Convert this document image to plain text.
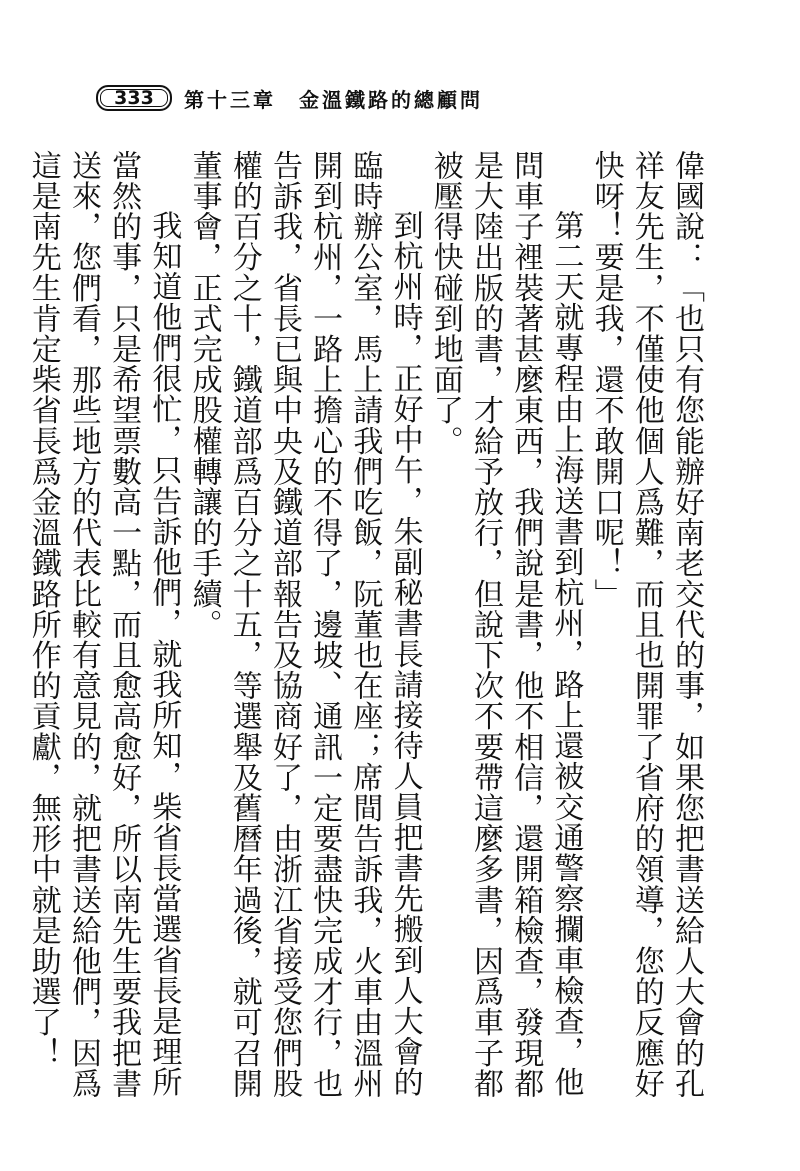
333	第十三章　金溫鐵路的總顧問

偉國說：「也只有您能辦好南老交代的事，如果您把書送給人大會的孔祥友先生，不僅使他個人爲難，而且也開罪了省府的領導，您的反應好快呀！要是我，還不敢開口呢！」

第二天就專程由上海送書到杭州，路上還被交通警察攔車檢查，他問車子裡裝著甚麼東西，我們說是書，他不相信，還開箱檢查，發現都是大陸出版的書，才給予放行，但說下次不要帶這麼多書，因爲車子都被壓得快碰到地面了。

到杭州時，正好中午，朱副秘書長請接待人員把書先搬到人大會的臨時辦公室，馬上請我們吃飯，阮董也在座；席間告訴我，火車由溫州開到杭州，一路上擔心的不得了，邊坡、通訊一定要盡快完成才行，也告訴我，省長已與中央及鐵道部報告及協商好了，由浙江省接受您們股權的百分之十，鐵道部爲百分之十五，等選舉及舊曆年過後，就可召開董事會，正式完成股權轉讓的手續。

我知道他們很忙，只告訴他們，就我所知，柴省長當選省長是理所當然的事，只是希望票數高一點，而且愈高愈好，所以南先生要我把書送來，您們看，那些地方的代表比較有意見的，就把書送給他們，因爲這是南先生肯定柴省長爲金溫鐵路所作的貢獻，無形中就是助選了！
